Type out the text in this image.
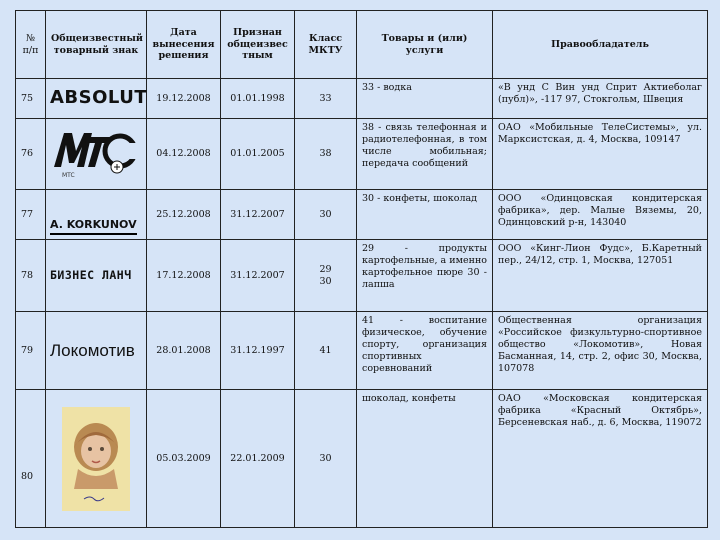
№ п/п	Общеизвестный товарный знак	Дата вынесения решения	Признан общеизвес тным	Класс МКТУ	Товары и (или) услуги	Правообладатель
75	ABSOLUT	19.12.2008	01.01.1998	33	33 - водка	«В унд С Вин унд Сприт Актиеболаг (публ)», -117 97, Стокгольм, Швеция
76	MTC	04.12.2008	01.01.2005	38	38 - связь телефонная и радиотелефонная, в том числе мобильная; передача сообщений	ОАО «Мобильные ТелеСистемы», ул. Марксистская, д. 4, Москва, 109147
77	A. KORKUNOV	25.12.2008	31.12.2007	30	30 - конфеты, шоколад	ООО «Одинцовская кондитерская фабрика», дер. Малые Вяземы, 20, Одинцовский р-н, 143040
78	БИЗНЕС ЛАНЧ	17.12.2008	31.12.2007	29 30	29 - продукты картофельные, а именно картофельное пюре 30 - лапша	ООО «Кинг-Лион Фудс», Б.Каретный пер., 24/12, стр. 1, Москва, 127051
79	Локомотив	28.01.2008	31.12.1997	41	41 - воспитание физическое, обучение спорту, организация спортивных соревнований	Общественная организация «Российское физкультурно-спортивное общество «Локомотив», Новая Басманная, 14, стр. 2, офис 30, Москва, 107078
80		05.03.2009	22.01.2009	30	шоколад, конфеты	ОАО «Московская кондитерская фабрика «Красный Октябрь», Берсеневская наб., д. 6, Москва, 119072
